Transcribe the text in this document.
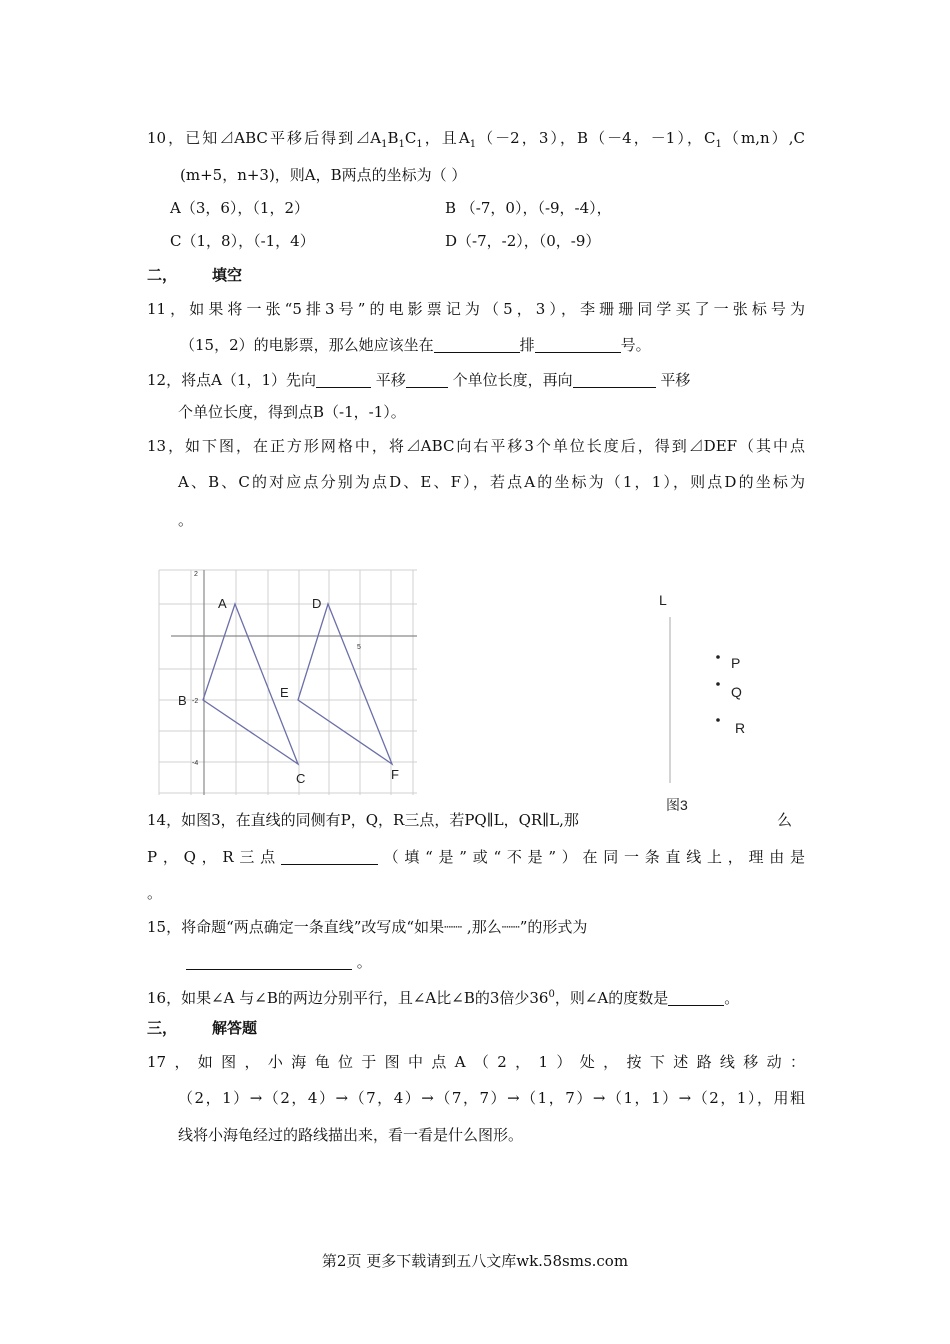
10，已知⊿ABC平移后得到$⊿A_1B_1C_1$，且$A_1(-2$，3），B（－4，－1），$C_1(m,n),C$
(m+5，n+3)，则A，B两点的坐标为（ ）
A（3，6），（1，2）	B （-7，0），（-9，-4），
C（1，8），（-1，4）	D（-7，-2），（0，-9）
二， 填空
11，如果将一张“5排3号”的电影票记为（5，3），李珊珊同学买了一张标号为
（15，2）的电影票，那么她应该坐在	排	号。
12，将点A（1，1）先向	平移	个单位长度，再向	平移
个单位长度，得到点B（-1，-1）。
13，如下图，在正方形网格中，将⊿ABC向右平移3个单位长度后，得到⊿DEF（其中点
A、B、C的对应点分别为点D、E、F），若点A的坐标为（1，1），则点D的坐标为
。
2
5
-2
-4
A
B
C
D
E
F
L
P
Q
R
图3
14，如图3，在直线的同侧有P，Q，R三点，若PQ∥L，QR∥L,那	么
P，Q，R三点	（填“是”或“不是”）在同一条直线上，理由是
。
15，将命题“两点确定一条直线”改写成“如果┈┈ ,那么┈┈”的形式为
。
16，如果∠A 与∠B的两边分别平行，且∠A比∠B的3倍少$36^0$，则∠A的度数是	。
三， 解答题
17，如图，小海龟位于图中点A（2，1）处，按下述路线移动：
（2，1）→（2，4）→（7，4）→（7，7）→（1，7）→（1，1）→（2，1），用粗
线将小海龟经过的路线描出来，看一看是什么图形。
第2页 更多下载请到五八文库wk.58sms.com
